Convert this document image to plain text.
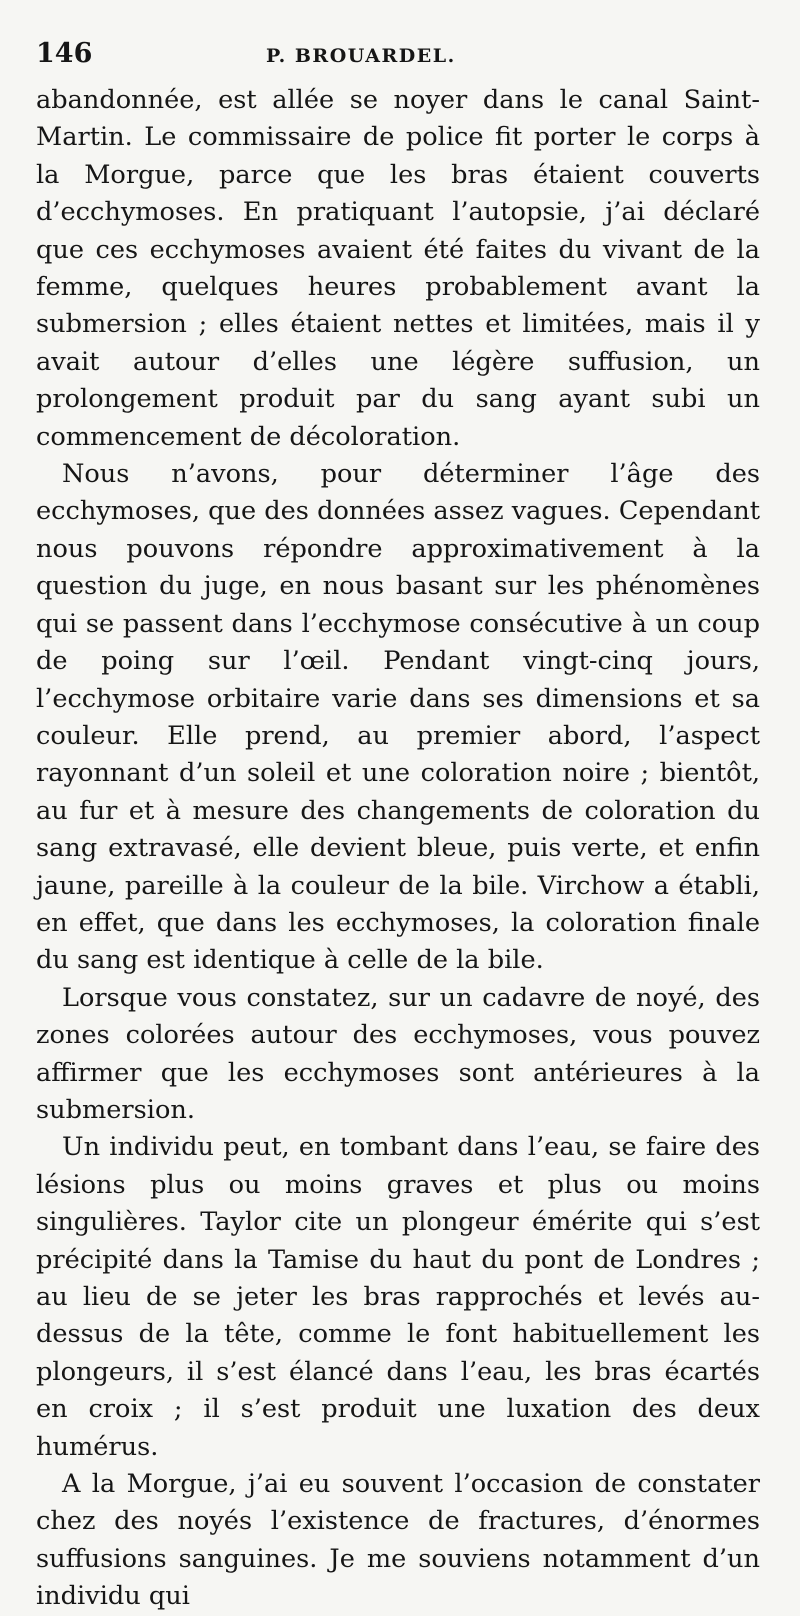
146	P. BROUARDEL.

abandonnée, est allée se noyer dans le canal Saint-Martin. Le commissaire de police fit porter le corps à la Morgue, parce que les bras étaient couverts d’ecchymoses. En pratiquant l’autopsie, j’ai déclaré que ces ecchymoses avaient été faites du vivant de la femme, quelques heures probablement avant la submersion ; elles étaient nettes et limitées, mais il y avait autour d’elles une légère suffusion, un prolongement produit par du sang ayant subi un commencement de décoloration.

Nous n’avons, pour déterminer l’âge des ecchymoses, que des données assez vagues. Cependant nous pouvons répondre approximativement à la question du juge, en nous basant sur les phénomènes qui se passent dans l’ecchymose consécutive à un coup de poing sur l’œil. Pendant vingt-cinq jours, l’ecchymose orbitaire varie dans ses dimensions et sa couleur. Elle prend, au premier abord, l’aspect rayonnant d’un soleil et une coloration noire ; bientôt, au fur et à mesure des changements de coloration du sang extravasé, elle devient bleue, puis verte, et enfin jaune, pareille à la couleur de la bile. Virchow a établi, en effet, que dans les ecchymoses, la coloration finale du sang est identique à celle de la bile.

Lorsque vous constatez, sur un cadavre de noyé, des zones colorées autour des ecchymoses, vous pouvez affirmer que les ecchymoses sont antérieures à la submersion.

Un individu peut, en tombant dans l’eau, se faire des lésions plus ou moins graves et plus ou moins singulières. Taylor cite un plongeur émérite qui s’est précipité dans la Tamise du haut du pont de Londres ; au lieu de se jeter les bras rapprochés et levés au-dessus de la tête, comme le font habituellement les plongeurs, il s’est élancé dans l’eau, les bras écartés en croix ; il s’est produit une luxation des deux humérus.

A la Morgue, j’ai eu souvent l’occasion de constater chez des noyés l’existence de fractures, d’énormes suffusions sanguines. Je me souviens notamment d’un individu qui
